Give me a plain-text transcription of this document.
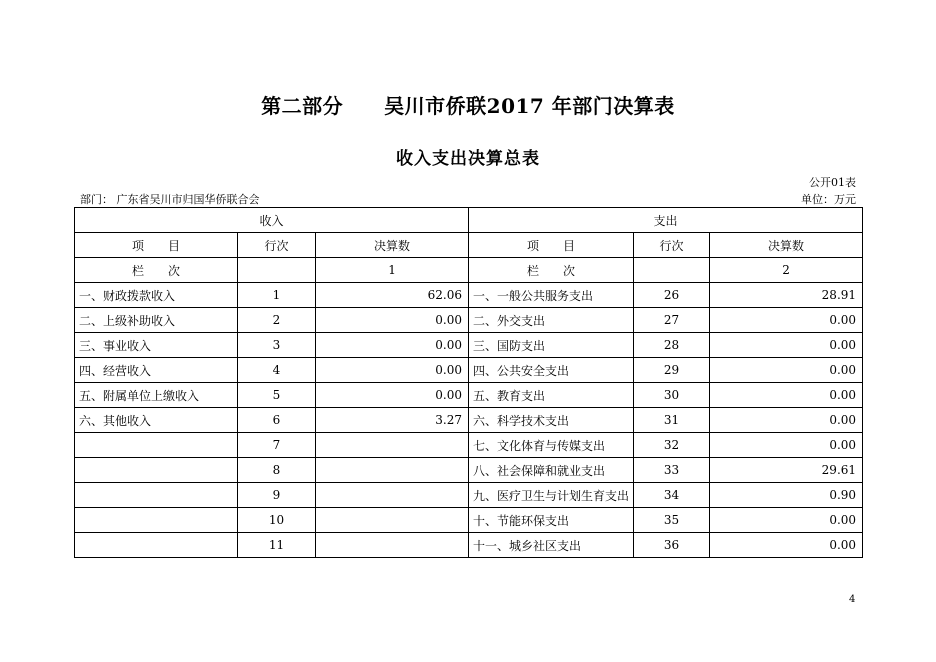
第二部分　　吴川市侨联2017 年部门决算表
收入支出决算总表
公开01表
部门： 广东省吴川市归国华侨联合会	单位：万元
收入			支出		
项　　目	行次	决算数	项　　目	行次	决算数
栏　　次		1	栏　　次		2
一、财政拨款收入	1	62.06	一、一般公共服务支出	26	28.91
二、上级补助收入	2	0.00	二、外交支出	27	0.00
三、事业收入	3	0.00	三、国防支出	28	0.00
四、经营收入	4	0.00	四、公共安全支出	29	0.00
五、附属单位上缴收入	5	0.00	五、教育支出	30	0.00
六、其他收入	6	3.27	六、科学技术支出	31	0.00
	7		七、文化体育与传媒支出	32	0.00
	8		八、社会保障和就业支出	33	29.61
	9		九、医疗卫生与计划生育支出	34	0.90
	10		十、节能环保支出	35	0.00
	11		十一、城乡社区支出	36	0.00
4
